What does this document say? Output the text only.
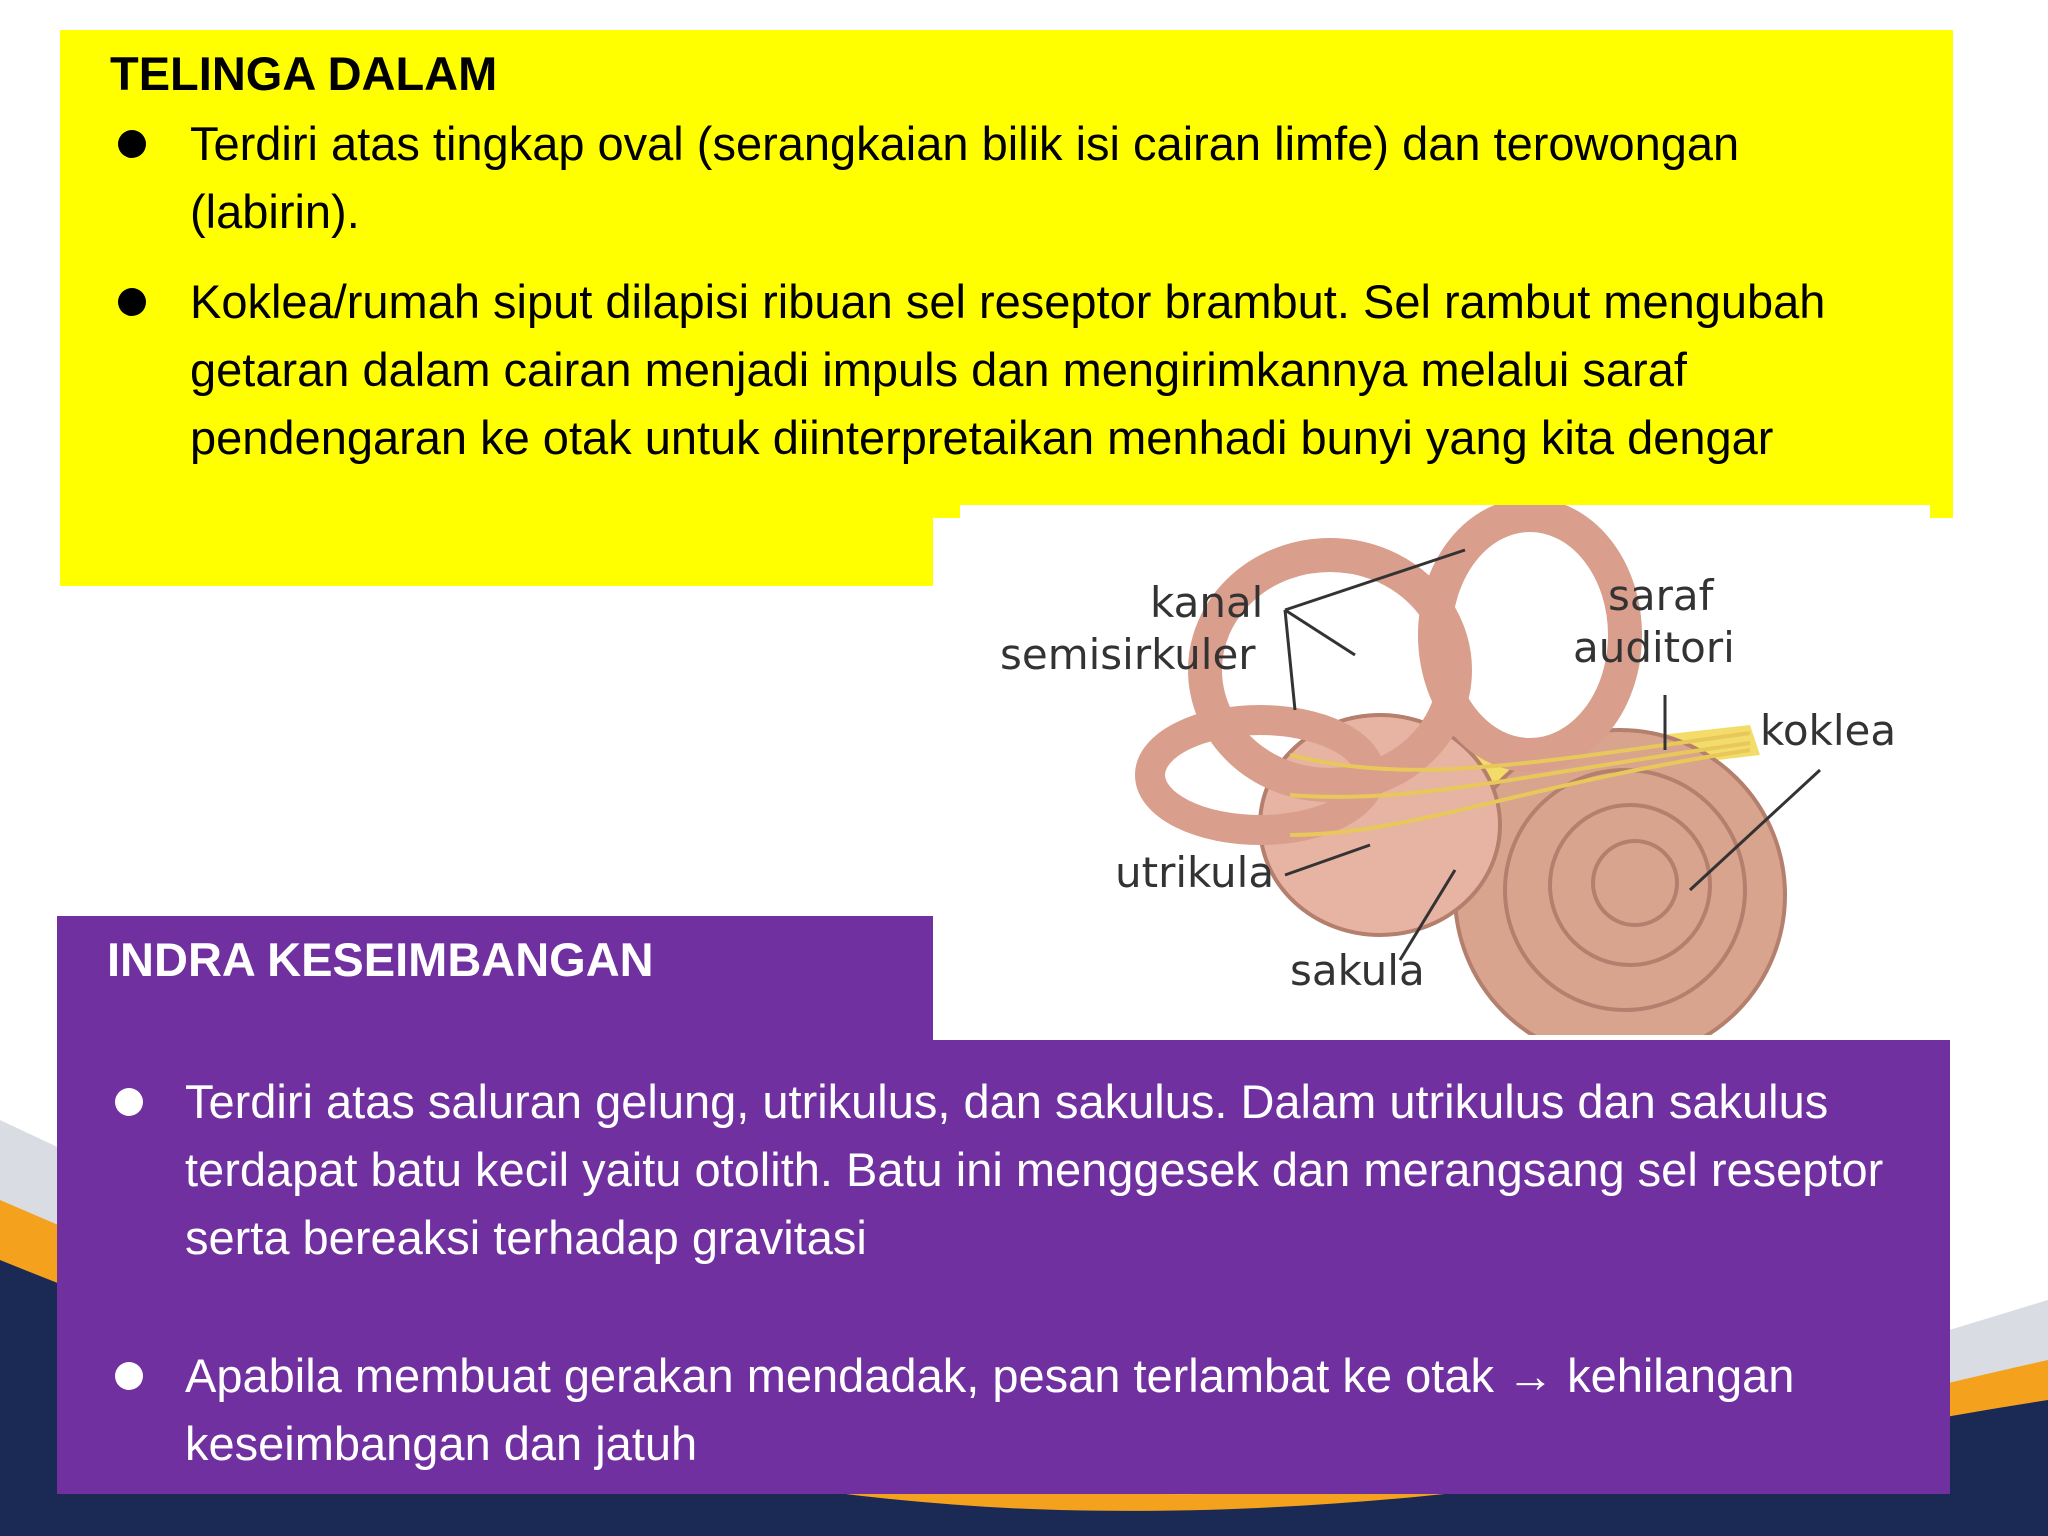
TELINGA DALAM
Terdiri atas tingkap oval (serangkaian bilik isi cairan limfe) dan terowongan (labirin).
Koklea/rumah siput dilapisi ribuan sel reseptor brambut. Sel rambut mengubah getaran dalam cairan menjadi impuls dan mengirimkannya melalui saraf pendengaran ke otak untuk diinterpretaikan menhadi bunyi yang kita dengar
kanal
semisirkuler
saraf
auditori
koklea
utrikula
sakula
INDRA KESEIMBANGAN
Terdiri atas saluran gelung, utrikulus, dan sakulus. Dalam utrikulus dan sakulus terdapat batu kecil yaitu otolith. Batu ini menggesek dan merangsang sel reseptor serta bereaksi terhadap gravitasi
Apabila membuat gerakan mendadak, pesan terlambat ke otak → kehilangan keseimbangan dan jatuh
